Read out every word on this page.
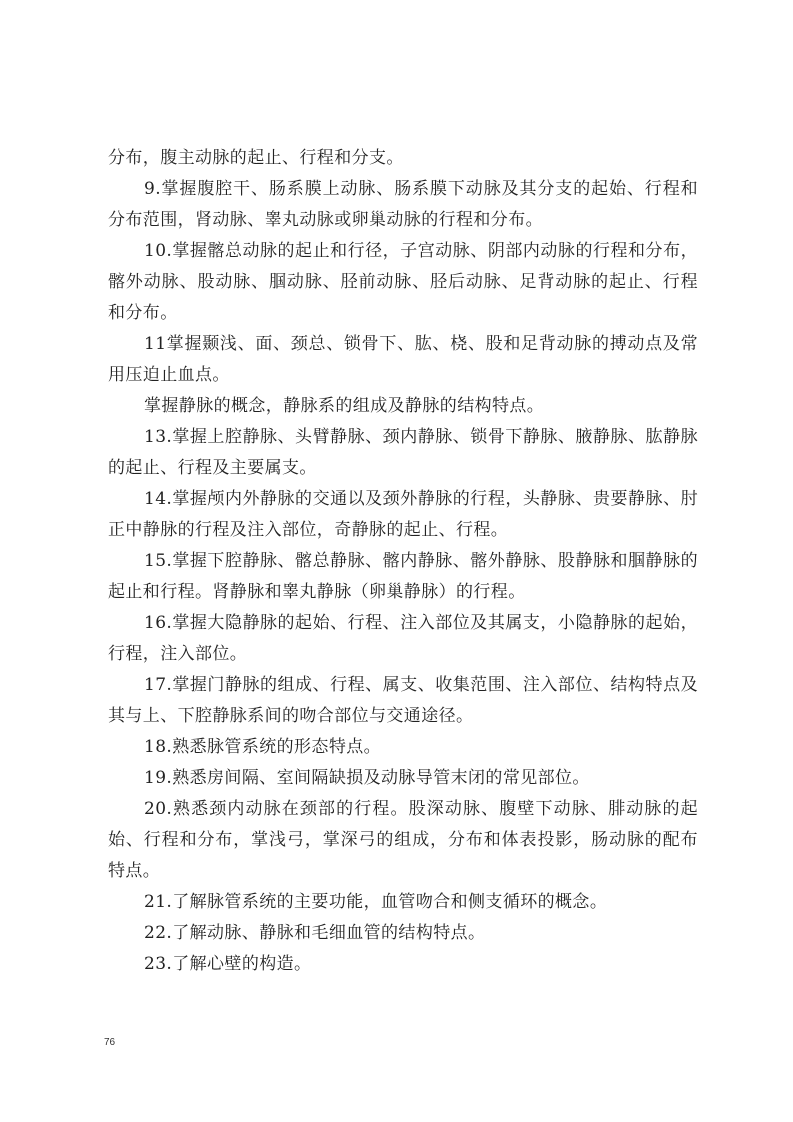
分布，腹主动脉的起止、行程和分支。

9.掌握腹腔干、肠系膜上动脉、肠系膜下动脉及其分支的起始、行程和分布范围，肾动脉、睾丸动脉或卵巢动脉的行程和分布。

10.掌握髂总动脉的起止和行径，子宫动脉、阴部内动脉的行程和分布，髂外动脉、股动脉、腘动脉、胫前动脉、胫后动脉、足背动脉的起止、行程和分布。

11掌握颞浅、面、颈总、锁骨下、肱、桡、股和足背动脉的搏动点及常用压迫止血点。

掌握静脉的概念，静脉系的组成及静脉的结构特点。

13.掌握上腔静脉、头臂静脉、颈内静脉、锁骨下静脉、腋静脉、肱静脉的起止、行程及主要属支。

14.掌握颅内外静脉的交通以及颈外静脉的行程，头静脉、贵要静脉、肘正中静脉的行程及注入部位，奇静脉的起止、行程。

15.掌握下腔静脉、髂总静脉、髂内静脉、髂外静脉、股静脉和腘静脉的起止和行程。肾静脉和睾丸静脉（卵巢静脉）的行程。

16.掌握大隐静脉的起始、行程、注入部位及其属支，小隐静脉的起始，行程，注入部位。

17.掌握门静脉的组成、行程、属支、收集范围、注入部位、结构特点及其与上、下腔静脉系间的吻合部位与交通途径。

18.熟悉脉管系统的形态特点。

19.熟悉房间隔、室间隔缺损及动脉导管末闭的常见部位。

20.熟悉颈内动脉在颈部的行程。股深动脉、腹壁下动脉、腓动脉的起始、行程和分布，掌浅弓，掌深弓的组成，分布和体表投影，肠动脉的配布特点。

21.了解脉管系统的主要功能，血管吻合和侧支循环的概念。

22.了解动脉、静脉和毛细血管的结构特点。

23.了解心壁的构造。

76
